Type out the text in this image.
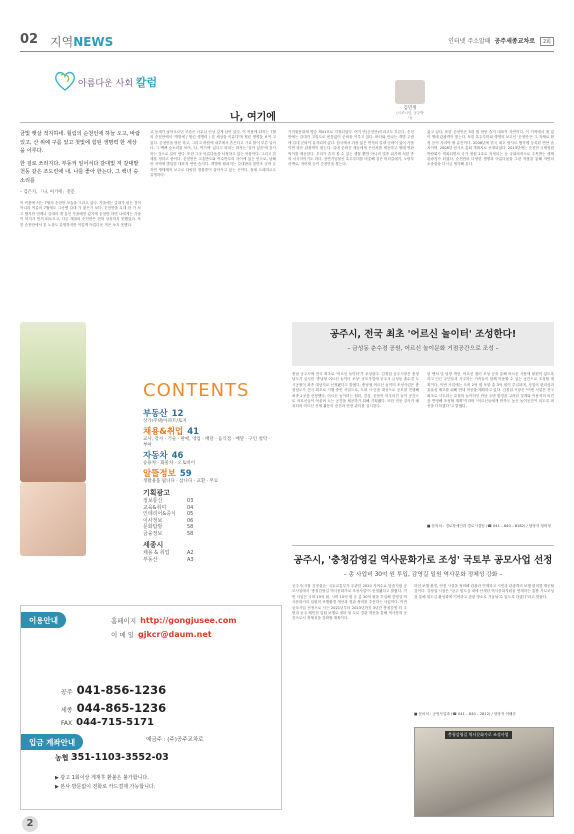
02 지역NEWS	인터넷 주소알때 공주세종교차로 2회
아름다운 사회 칼럼
나, 여기에
김민정
(시조시인, 공주박사)

금빛 햇살 적지하네. 힐림의 순천인에 하늘 오고, 바람 있고, 산 위에 구름 있고 첫빛에 힘된 생명력 한 세상을 이루다.

한 걸로 쓰러지다. 부동켜 일어서다 갈대빛 저 갈대밭 천동 같은 조도린에 내, 나를 좋아 한는다, 그 백녀 숭소리를

– 김은지, 「나, 여기에」전문

이 작품에 서는 7월의 순천만 모습을 그리고 있다. 가을에는 갈대가 핑든 것이 아니라 여름의 7월에도 그곳엔 갈대 가 핏든가 보다. 순천만을 무네 한 가 보고 했지만 언제나 갈대의 게 흥인 가을에만 갔기에 순천만 하면 나에게는 가을이 미지가 먼저 떠오르고, 다른 계절의 순천만은 전혀 상상하지 못했었다. 또한 순천만에서 본 노을도 유명하지만 이렇게 아름다운 적은 보지 못했다.

고 동새가 날아오르던 모습은 너무나 인상 깊게 남아 있다. 이 작품에 화자는 7월의 순천만에서 '개벌에 / 힐린 생명력 / 한 세상을 이룬다'며 힐린 생명을 보여 고 있다. 순천만을 방문 하고, 그리고 바람에 내부에서 흔든다고 시로 많이 부른 일이다. 그 백팩 숭소리를 보며, '나, 여기에' 있다고 외치는 화자는 '살아 있음'에 감사하는 것으로 읽어 낸다. 또한 그곳 아름다움을 서정하고 있는 작품이다. 그리고 한 계를 정하고 중이다. 순천만은 고흥반도와 여수반도의 사이에 있는 만으로, 남해안 지역에 발달한 대표적 연안 습지다. 개별에 펼쳐지는 갈대밭과 칠면조 군락 등 자연 생태계의 보고로 다양한 생물종이 살아가고 있는 곳이다. 철새 도래지로도 유명하다.

가지원문화재 명승 제41호로 지정되었다. 여기 만(순천만)이라고도 부른다. 순천만에는 갈대가 고밀도로 빈틈없이 군락을 이루고 있다. 바다와 만나는 개별 주변에 갈대 군락이 유지되어 있다. 한국에서 가장 넓은 면적의 갈대 군락이 있어 가을이면 많은 관광객이 찾는다. 갈대 군락은 새들에게 은신처를 제공하고 생태 연관 먹이를 제공한다. 우리가 흔히 볼 수 있는 생물 뿐만 아니라 멸종 위기에 처한 종 의 서식지이기도 하다. 천연기념물인 흑두루미를 비롯해 검은 머리갈매기, 노랑부리백로, 저어새 등이 순천만을 찾는다.

삶고 있다. 또한 순천만은 5대 철 연안 습지 대표적 자연이다. 이 지역에서 철 없이 생태 관광객이 찾는다. 또한 흑두루미와 생명의 보고인 '순천만'은 그 자체로 환경 등이 지켜야 할 유산이다. 2006년에 한국 최초 람사르 협약에 등록된 연안 습지이며, 2008년 람사르 총회 개최지로 선정되었다. 2013년에는 순천만 국제정원 박람회가 개최되면서 국가 정원 1호로 지정되는 등 국내외적으로 주목받는 생태 관광지가 되었다. 순천만의 다양한 생명과 아름다움을 그린 작품을 통해 자연의 소중함을 다시금 생각해 본다.

CONTENTS
부동산 12
상가/주택/아파트/토지
채용&취업 41
교사, 강사 · 기술 · 판매, 영업 · 배달 · 음식점 · 배달 · 구인 청탁 · 부여
자동차 46
승용차 · 화물차 · 오토바이
알뜰정보 59
생활용품 팝니다 · 삽니다 · 교환 · 무료
기획광고
정보통신	03
교육&취미	04
인테리어&중식	05
이사정보	06
문화탐방	58
금융정보	58
세종시
채용 & 취업	A2
부동산	A3
이용안내	홈페이지 http://gongjusee.com
이 메 일 gjkcr@daum.net
공주 041-856-1236
세종 044-865-1236
FAX 044-715-5171
입금 계좌안내	예금주 : (주)공주교차로
농협 351-1103-3552-03
▶ 광고 1회이상 게재후 환불은 불가합니다.
▶ 본사 방문없이 전화로 카드결제 가능합니다.
공주시, 전국 최초 '어르신 놀이터' 조성한다!
– 금성동 춘수경 공원, 어르신 놀이문화 거점공간으로 조성 –

충남 공주시에 전국 최초로 '어르신 놀이터'가 조성된다. 김정섭 공주시장은 충청남도가 실시한 '충남형 어르신 놀이터 조성' 공모사업에 공주시 금성동 춘수경 도시공원이 최종 대상지로 선정됐다고 밝혔다. 충남형 어르신 놀이터 조성사업은 충청남도가 전국 최초로 시행 중인 사업으로, 도내 시·군을 대상으로 공모를 진행해 최종 2곳을 선정했다. 어르신 놀이터는 쉼터, 건강, 운동이 어우러진 놀이 공간으로 어르신들이 어울려 노는 공간을 제공하기 위해 기획됐다. 또한 전문 강사가 배치되어 어르신 신체 활동의 증진과 안전 관리를 실시한다.

된 벤치 및 담장 개선, 어르신 쉼터 조성 등을 통해 어르신 사용에 불편이 없도록 하고 인근 주민들과 거주하는 가족들이 함께 이용할 수 있는 공간으로 조성할 계획이다. 이번 사업에는 도비 2억 원 포함 총 3억 원이 투입되며, 사업의 편리성과 효율성 제고를 위해 연내 착공을 계획하고 있다. 김정섭 시장은 "이번 사업은 전국 최초로 시도되는 유형의 놀이터인 만큼 주변 환경을 고려한 설계와 이용자의 의견을 반영해 조성할 계획"이라며 "어르신들에게 만족도 높은 놀이공간이 되도록 최선을 다하겠다"고 밝혔다.

■ 문의처 : 경로장애인과 경로시설팀 (☎ 041 – 840 – 8182) / 담당자 정비정

공주시, '충청감영길 역사문화가로 조성' 국토부 공모사업 선정
– 총 사업비 30억 원 투입, 감영길 일원 역사문화 정체성 강화 –

공주시(시장 김정섭)는 국토교통부가 주관한 2020 지역수요 맞춤지원 공모사업에서 '충청감영길 역사문화가로 조성사업'이 선정됐다고 밝혔다. 이번 사업은 국비 15억 원, 시비 15억 원 등 총 30억 원을 투입해 감영길 역사문화거리 일원의 보행환경 개선과 경관 정비를 추진하는 사업이다. 이번 공모사업 선정으로 시는 2021년부터 2023년까지 3년간 충청감영 터 주변과 공주 제민천 일원 보행로 정비 및 도로 경관 개선을 통해 역사문화 공간으로서 정체성을 강화할 계획이다.

하천 보행 환경, 안전 시설을 정비해 관광과 연계하고 시민과 관광객의 보행 편의를 제공할 것이다. 김정섭 시장은 "공주 원도심 내에 산재한 역사문화자원을 연계하는 통합 가로조성을 통해 원도심 활성화에 기여하고 관광 명소로 거듭날 수 있도록 하겠다"라고 밝혔다.

■ 문의처 : 공영사업과 (☎ 041 – 840 – 2812) / 담당자 이해순

충청감영길 역사문화가로 조성사업
2
